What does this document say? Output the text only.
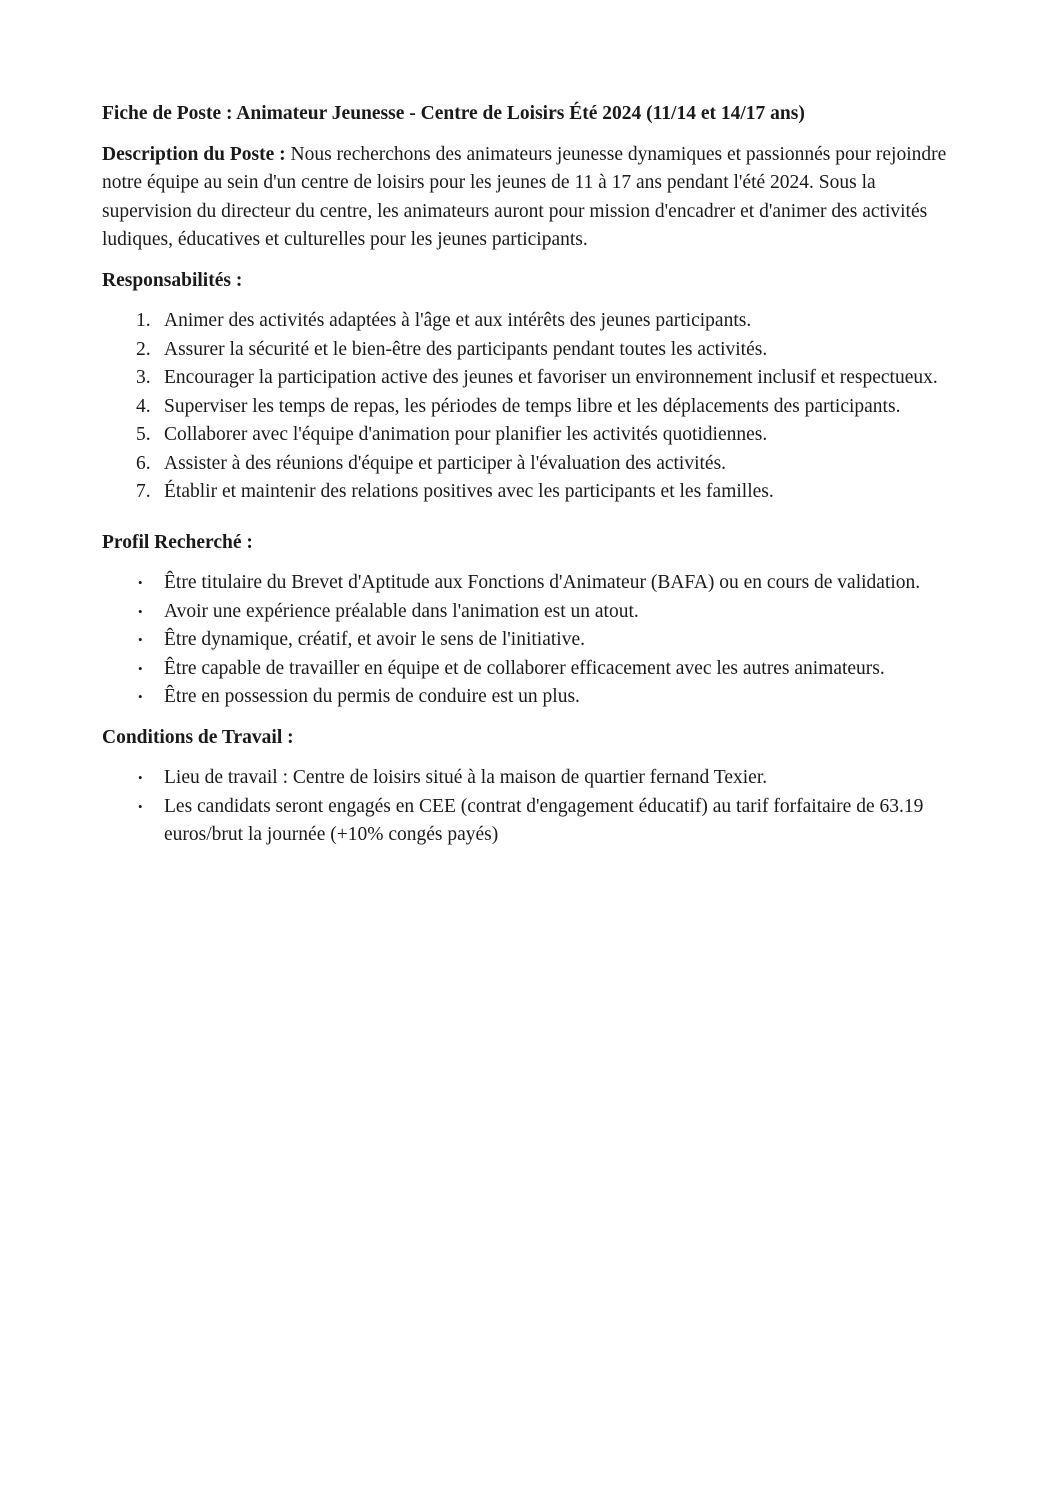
Fiche de Poste : Animateur Jeunesse - Centre de Loisirs Été 2024 (11/14 et 14/17 ans)

Description du Poste : Nous recherchons des animateurs jeunesse dynamiques et passionnés pour rejoindre notre équipe au sein d'un centre de loisirs pour les jeunes de 11 à 17 ans pendant l'été 2024. Sous la supervision du directeur du centre, les animateurs auront pour mission d'encadrer et d'animer des activités ludiques, éducatives et culturelles pour les jeunes participants.

Responsabilités :

1. Animer des activités adaptées à l'âge et aux intérêts des jeunes participants.
2. Assurer la sécurité et le bien-être des participants pendant toutes les activités.
3. Encourager la participation active des jeunes et favoriser un environnement inclusif et respectueux.
4. Superviser les temps de repas, les périodes de temps libre et les déplacements des participants.
5. Collaborer avec l'équipe d'animation pour planifier les activités quotidiennes.
6. Assister à des réunions d'équipe et participer à l'évaluation des activités.
7. Établir et maintenir des relations positives avec les participants et les familles.

Profil Recherché :

• Être titulaire du Brevet d'Aptitude aux Fonctions d'Animateur (BAFA) ou en cours de validation.
• Avoir une expérience préalable dans l'animation est un atout.
• Être dynamique, créatif, et avoir le sens de l'initiative.
• Être capable de travailler en équipe et de collaborer efficacement avec les autres animateurs.
• Être en possession du permis de conduire est un plus.

Conditions de Travail :

• Lieu de travail : Centre de loisirs situé à la maison de quartier fernand Texier.
• Les candidats seront engagés en CEE (contrat d'engagement éducatif) au tarif forfaitaire de 63.19 euros/brut la journée (+10% congés payés)
